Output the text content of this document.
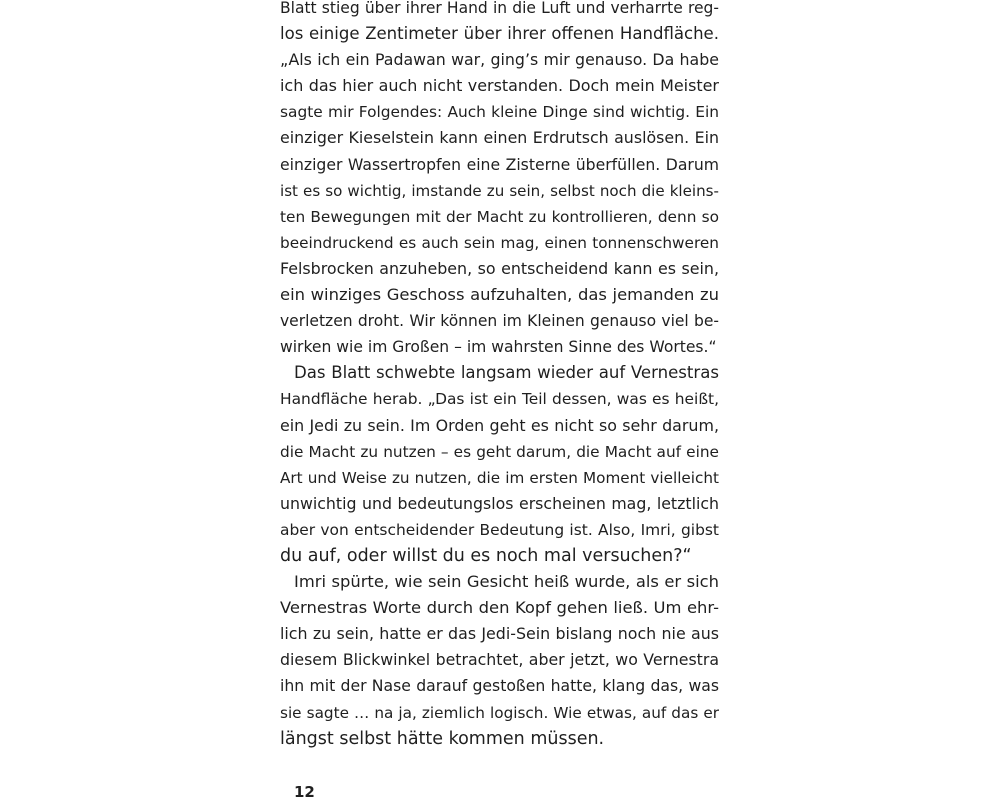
Blatt stieg über ihrer Hand in die Luft und verharrte reg-
los einige Zentimeter über ihrer offenen Handfläche.
„Als ich ein Padawan war, ging’s mir genauso. Da habe
ich das hier auch nicht verstanden. Doch mein Meister
sagte mir Folgendes: Auch kleine Dinge sind wichtig. Ein
einziger Kieselstein kann einen Erdrutsch auslösen. Ein
einziger Wassertropfen eine Zisterne überfüllen. Darum
ist es so wichtig, imstande zu sein, selbst noch die kleins-
ten Bewegungen mit der Macht zu kontrollieren, denn so
beeindruckend es auch sein mag, einen tonnenschweren
Felsbrocken anzuheben, so entscheidend kann es sein,
ein winziges Geschoss aufzuhalten, das jemanden zu
verletzen droht. Wir können im Kleinen genauso viel be-
wirken wie im Großen – im wahrsten Sinne des Wortes.“
Das Blatt schwebte langsam wieder auf Vernestras
Handfläche herab. „Das ist ein Teil dessen, was es heißt,
ein Jedi zu sein. Im Orden geht es nicht so sehr darum,
die Macht zu nutzen – es geht darum, die Macht auf eine
Art und Weise zu nutzen, die im ersten Moment vielleicht
unwichtig und bedeutungslos erscheinen mag, letztlich
aber von entscheidender Bedeutung ist. Also, Imri, gibst
du auf, oder willst du es noch mal versuchen?“
Imri spürte, wie sein Gesicht heiß wurde, als er sich
Vernestras Worte durch den Kopf gehen ließ. Um ehr-
lich zu sein, hatte er das Jedi-Sein bislang noch nie aus
diesem Blickwinkel betrachtet, aber jetzt, wo Vernestra
ihn mit der Nase darauf gestoßen hatte, klang das, was
sie sagte … na ja, ziemlich logisch. Wie etwas, auf das er
längst selbst hätte kommen müssen.
12
